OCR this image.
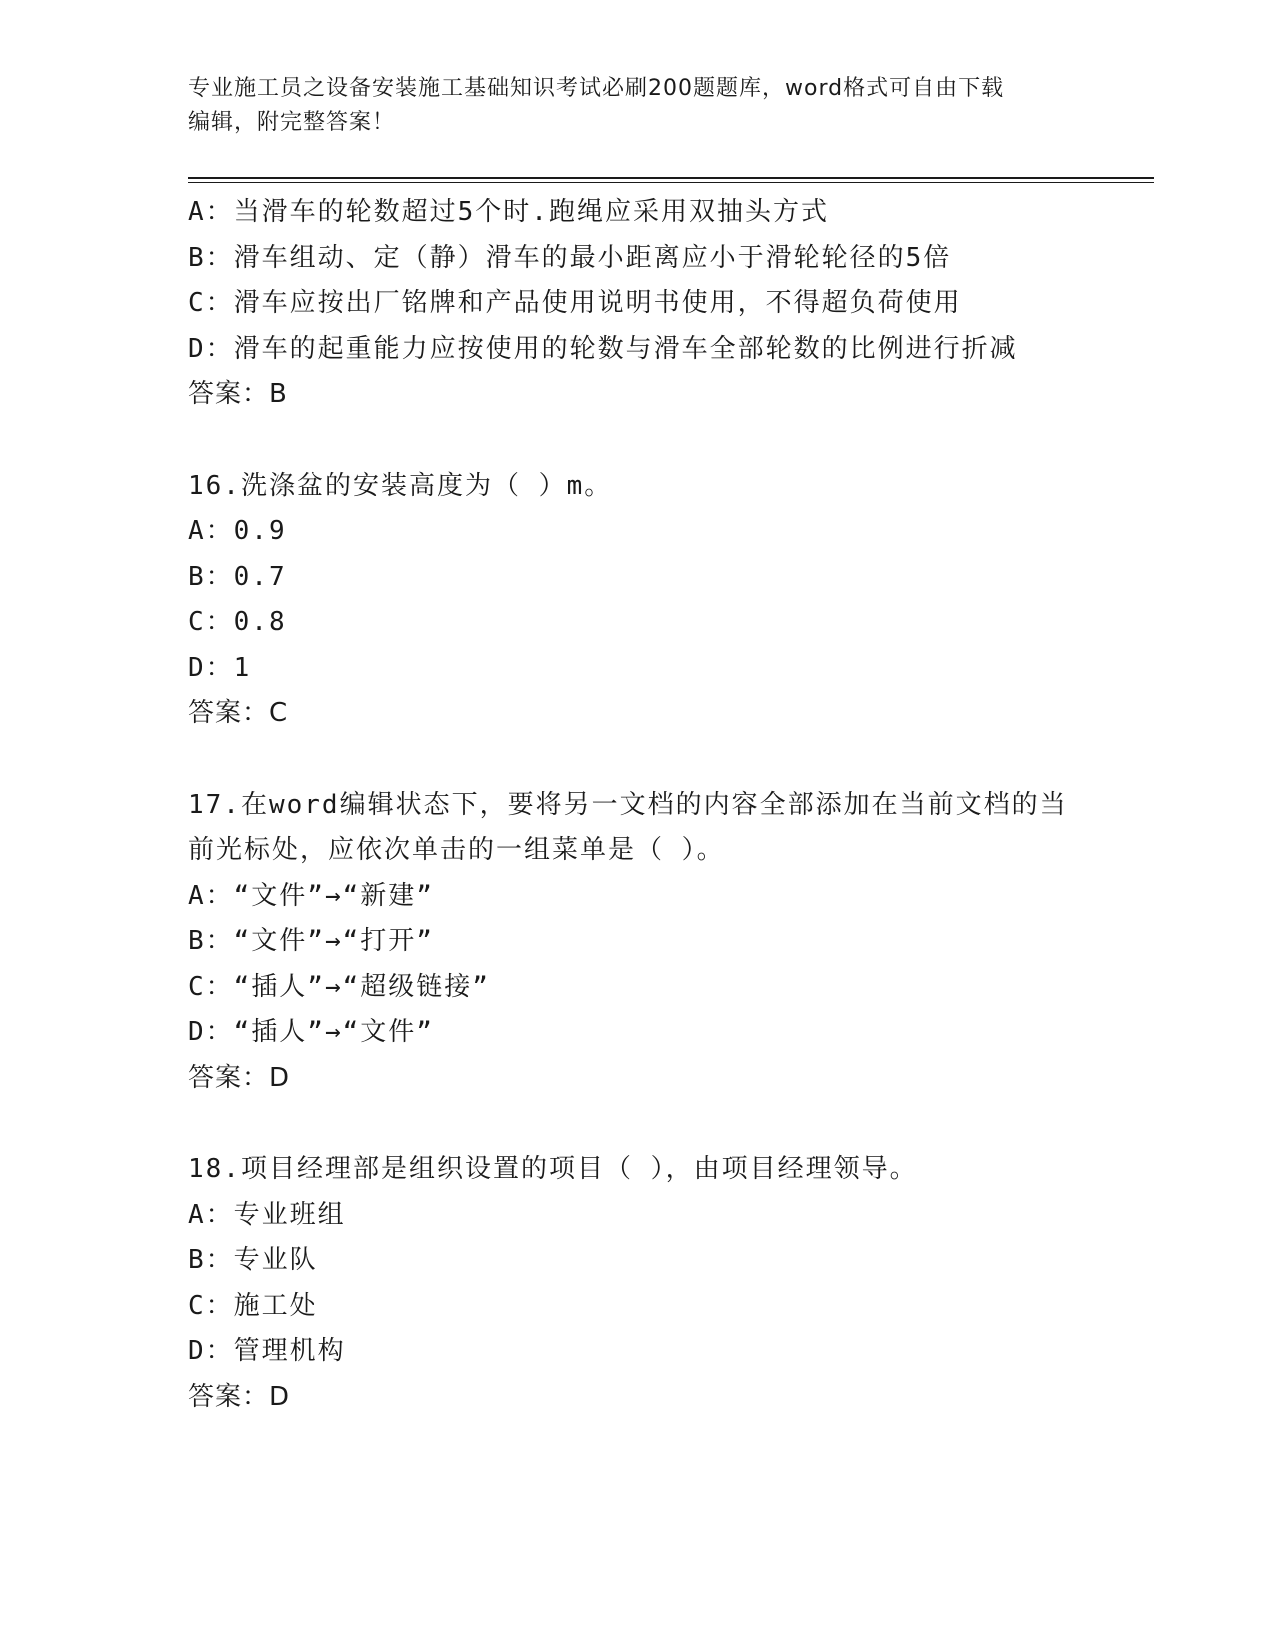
专业施工员之设备安装施工基础知识考试必刷200题题库，word格式可自由下载
编辑，附完整答案！
A：当滑车的轮数超过5个时.跑绳应采用双抽头方式
B：滑车组动、定（静）滑车的最小距离应小于滑轮轮径的5倍
C：滑车应按出厂铭牌和产品使用说明书使用，不得超负荷使用
D：滑车的起重能力应按使用的轮数与滑车全部轮数的比例进行折减
答案：B
16.洗涤盆的安装高度为（ ）m。
A：0.9
B：0.7
C：0.8
D：1
答案：C
17.在word编辑状态下，要将另一文档的内容全部添加在当前文档的当前光标处，应依次单击的一组菜单是（ ）。
A：“文件”→“新建”
B：“文件”→“打开”
C：“插人”→“超级链接”
D：“插人”→“文件”
答案：D
18.项目经理部是组织设置的项目（ ），由项目经理领导。
A：专业班组
B：专业队
C：施工处
D：管理机构
答案：D
